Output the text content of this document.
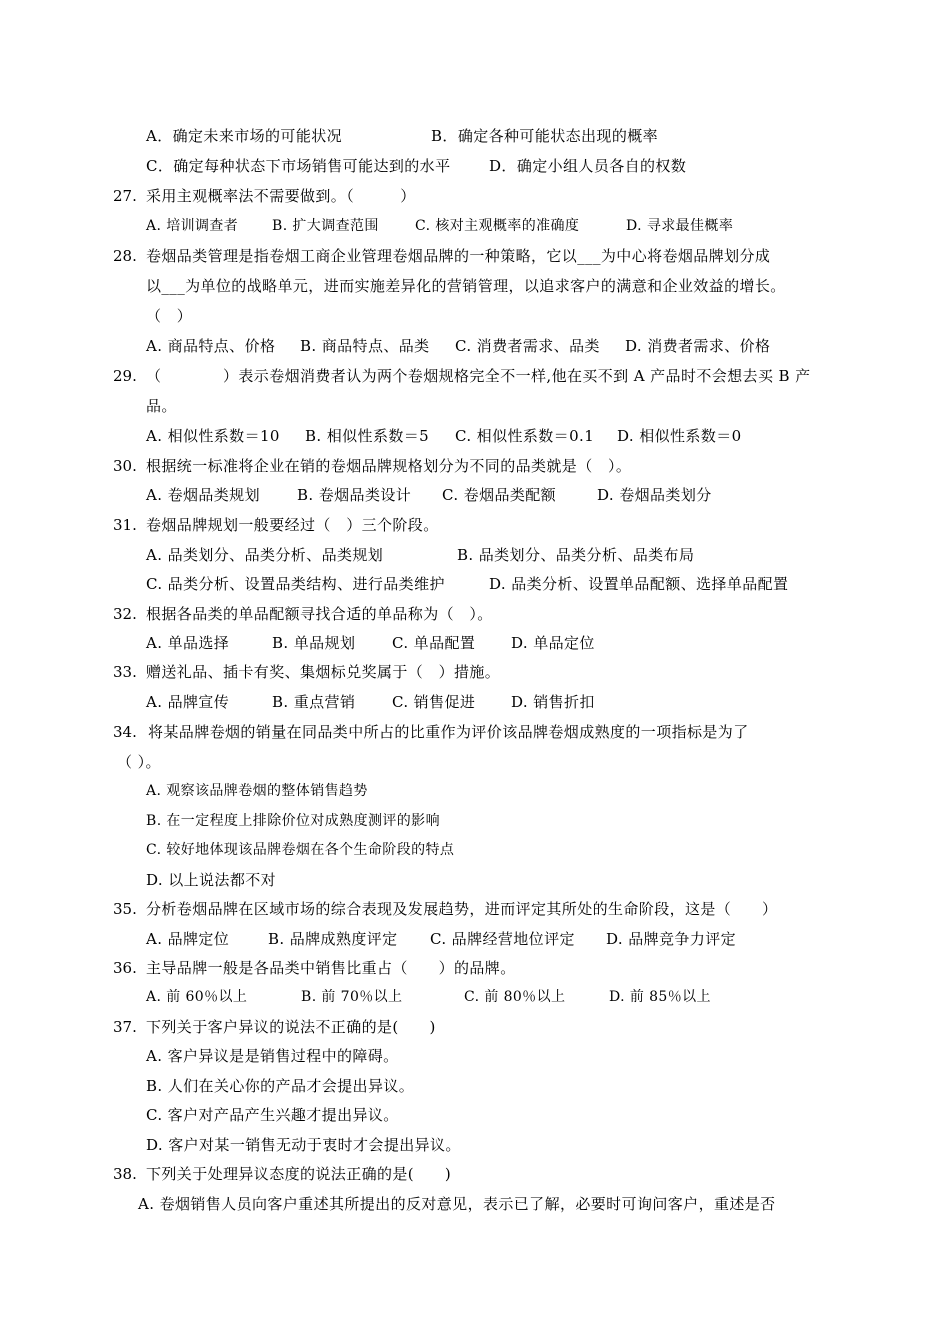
A．确定未来市场的可能状况	B．确定各种可能状态出现的概率
C．确定每种状态下市场销售可能达到的水平	D．确定小组人员各自的权数
27. 采用主观概率法不需要做到。（　　　）
A. 培训调查者 B. 扩大调查范围	C. 核对主观概率的准确度	D. 寻求最佳概率
28. 卷烟品类管理是指卷烟工商企业管理卷烟品牌的一种策略，它以___为中心将卷烟品牌划分成
以___为单位的战略单元，进而实施差异化的营销管理，以追求客户的满意和企业效益的增长。
（　）
A. 商品特点、价格 B. 商品特点、品类 C. 消费者需求、品类 D. 消费者需求、价格
29. （　　　　）表示卷烟消费者认为两个卷烟规格完全不一样,他在买不到 A 产品时不会想去买 B 产
品。
A. 相似性系数＝10 B. 相似性系数＝5 C. 相似性系数＝0.1 D. 相似性系数＝0
30. 根据统一标准将企业在销的卷烟品牌规格划分为不同的品类就是（　）。
A. 卷烟品类规划 B. 卷烟品类设计 C. 卷烟品类配额	D. 卷烟品类划分
31. 卷烟品牌规划一般要经过（　）三个阶段。
A. 品类划分、品类分析、品类规划	B. 品类划分、品类分析、品类布局
C. 品类分析、设置品类结构、进行品类维护	D. 品类分析、设置单品配额、选择单品配置
32. 根据各品类的单品配额寻找合适的单品称为（　）。
A. 单品选择	B. 单品规划 C. 单品配置 D. 单品定位
33. 赠送礼品、插卡有奖、集烟标兑奖属于（　）措施。
A. 品牌宣传	B. 重点营销 C. 销售促进 D. 销售折扣
34. 将某品牌卷烟的销量在同品类中所占的比重作为评价该品牌卷烟成熟度的一项指标是为了
（ ）。
A. 观察该品牌卷烟的整体销售趋势
B. 在一定程度上排除价位对成熟度测评的影响
C. 较好地体现该品牌卷烟在各个生命阶段的特点
D. 以上说法都不对
35. 分析卷烟品牌在区域市场的综合表现及发展趋势，进而评定其所处的生命阶段，这是（　　）
A. 品牌定位	B. 品牌成熟度评定 C. 品牌经营地位评定 D. 品牌竞争力评定
36. 主导品牌一般是各品类中销售比重占（　　）的品牌。
A. 前 60％以上	B. 前 70％以上	C. 前 80％以上	D. 前 85％以上
37. 下列关于客户异议的说法不正确的是(　　)
A. 客户异议是是销售过程中的障碍。
B. 人们在关心你的产品才会提出异议。
C. 客户对产品产生兴趣才提出异议。
D. 客户对某一销售无动于衷时才会提出异议。
38. 下列关于处理异议态度的说法正确的是(　　)
A. 卷烟销售人员向客户重述其所提出的反对意见，表示已了解，必要时可询问客户，重述是否
